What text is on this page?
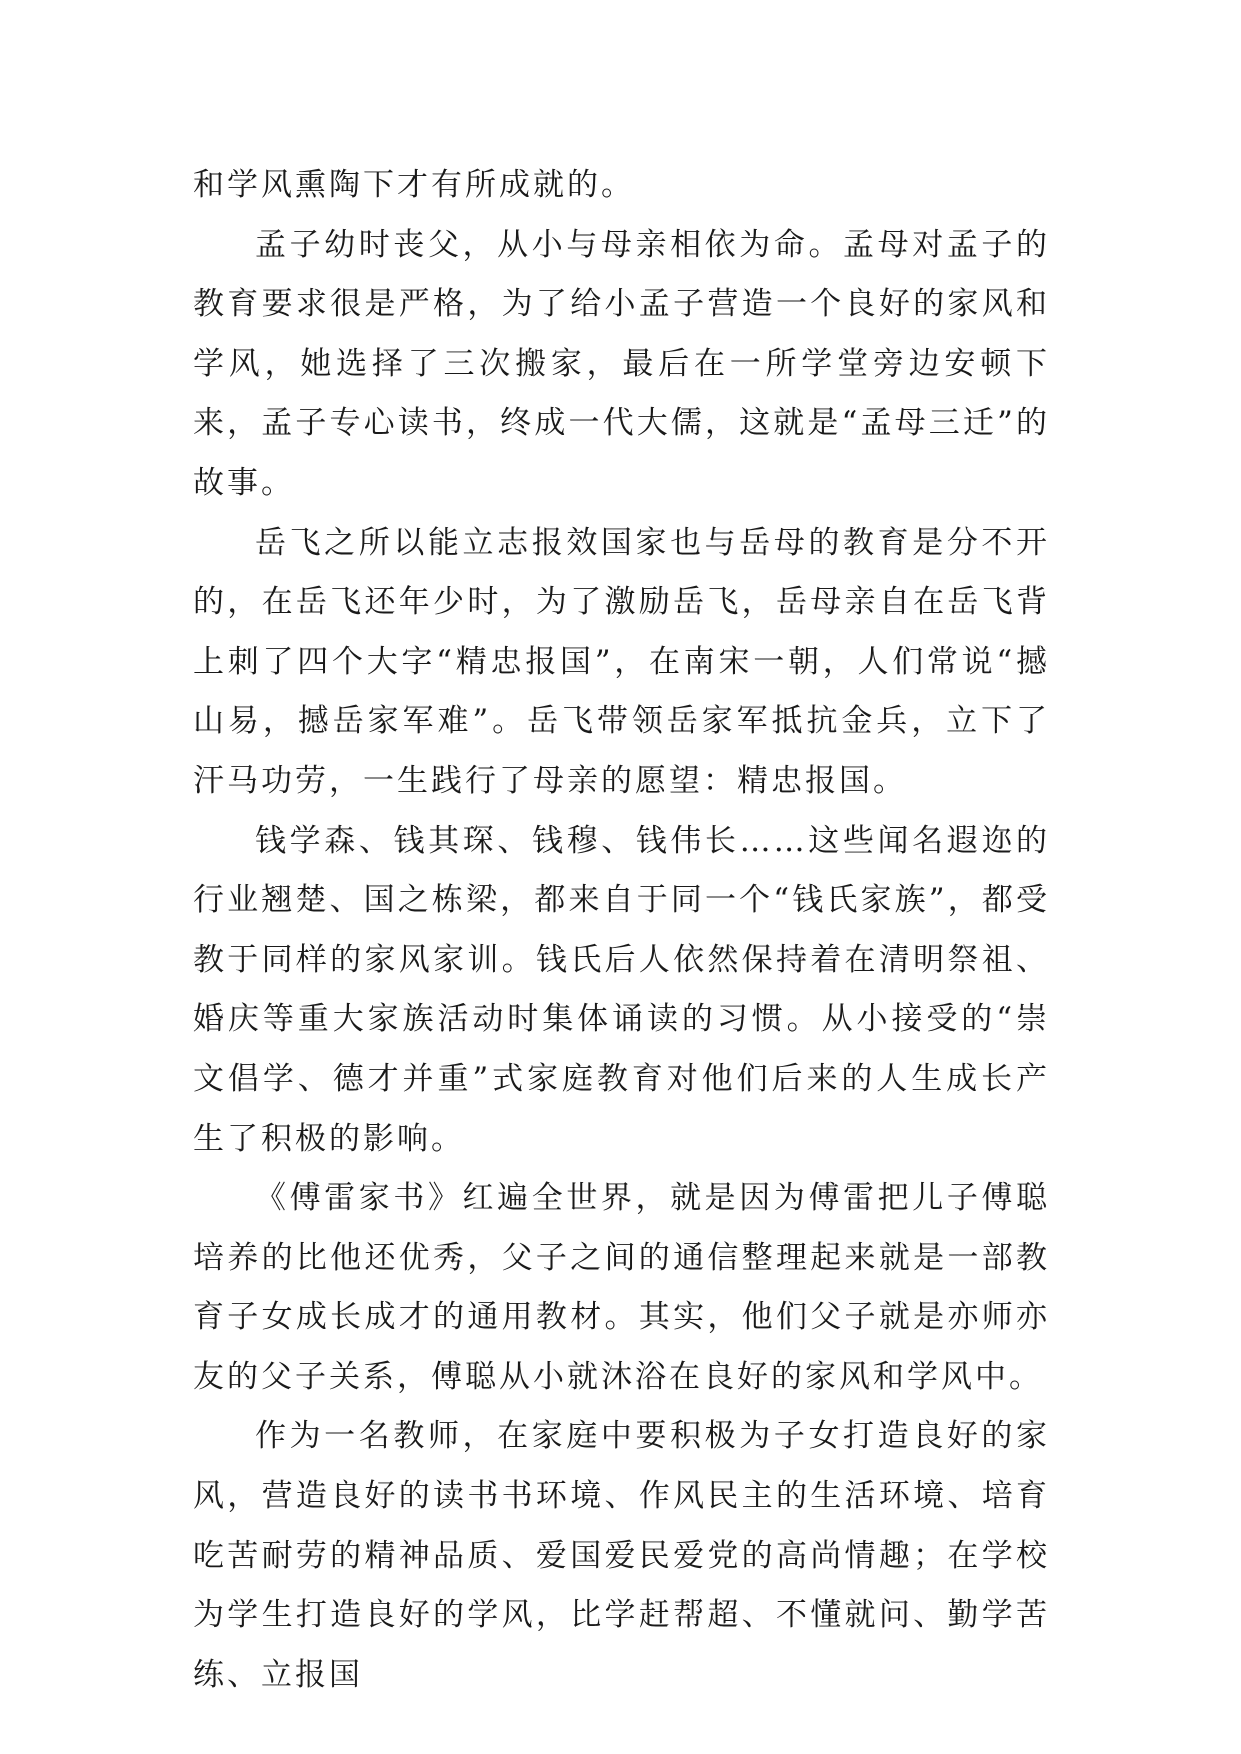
和学风熏陶下才有所成就的。

孟子幼时丧父，从小与母亲相依为命。孟母对孟子的教育要求很是严格，为了给小孟子营造一个良好的家风和学风，她选择了三次搬家，最后在一所学堂旁边安顿下来，孟子专心读书，终成一代大儒，这就是“孟母三迁”的故事。

岳飞之所以能立志报效国家也与岳母的教育是分不开的，在岳飞还年少时，为了激励岳飞，岳母亲自在岳飞背上刺了四个大字“精忠报国”，在南宋一朝，人们常说“撼山易，撼岳家军难”。岳飞带领岳家军抵抗金兵，立下了汗马功劳，一生践行了母亲的愿望：精忠报国。

钱学森、钱其琛、钱穆、钱伟长……这些闻名遐迩的行业翘楚、国之栋梁，都来自于同一个“钱氏家族”，都受教于同样的家风家训。钱氏后人依然保持着在清明祭祖、婚庆等重大家族活动时集体诵读的习惯。从小接受的“崇文倡学、德才并重”式家庭教育对他们后来的人生成长产生了积极的影响。

《傅雷家书》红遍全世界，就是因为傅雷把儿子傅聪培养的比他还优秀，父子之间的通信整理起来就是一部教育子女成长成才的通用教材。其实，他们父子就是亦师亦友的父子关系，傅聪从小就沐浴在良好的家风和学风中。

作为一名教师，在家庭中要积极为子女打造良好的家风，营造良好的读书书环境、作风民主的生活环境、培育吃苦耐劳的精神品质、爱国爱民爱党的高尚情趣；在学校为学生打造良好的学风，比学赶帮超、不懂就问、勤学苦练、立报国
